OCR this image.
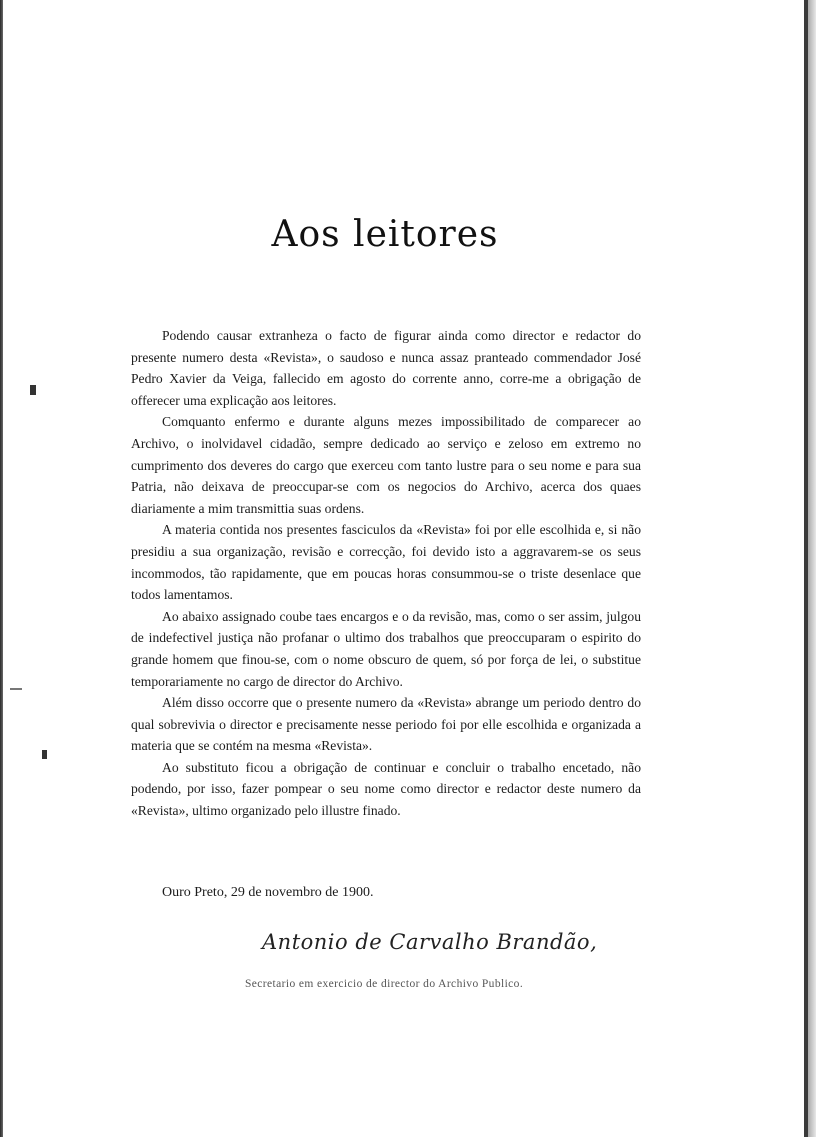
Aos leitores

Podendo causar extranheza o facto de figurar ainda como director e redactor do presente numero desta «Revista», o saudoso e nunca assaz pranteado commendador José Pedro Xavier da Veiga, fallecido em agosto do corrente anno, corre-me a obrigação de offerecer uma explicação aos leitores.

Comquanto enfermo e durante alguns mezes impossibilitado de comparecer ao Archivo, o inolvidavel cidadão, sempre dedicado ao serviço e zeloso em extremo no cumprimento dos deveres do cargo que exerceu com tanto lustre para o seu nome e para sua Patria, não deixava de preoccupar-se com os negocios do Archivo, acerca dos quaes diariamente a mim transmittia suas ordens.

A materia contida nos presentes fasciculos da «Revista» foi por elle escolhida e, si não presidiu a sua organização, revisão e correcção, foi devido isto a aggravarem-se os seus incommodos, tão rapidamente, que em poucas horas consummou-se o triste desenlace que todos lamentamos.

Ao abaixo assignado coube taes encargos e o da revisão, mas, como o ser assim, julgou de indefectivel justiça não profanar o ultimo dos trabalhos que preoccuparam o espirito do grande homem que finou-se, com o nome obscuro de quem, só por força de lei, o substitue temporariamente no cargo de director do Archivo.

Além disso occorre que o presente numero da «Revista» abrange um periodo dentro do qual sobrevivia o director e precisamente nesse periodo foi por elle escolhida e organizada a materia que se contém na mesma «Revista».

Ao substituto ficou a obrigação de continuar e concluir o trabalho encetado, não podendo, por isso, fazer pompear o seu nome como director e redactor deste numero da «Revista», ultimo organizado pelo illustre finado.

Ouro Preto, 29 de novembro de 1900.
Antonio de Carvalho Brandão,
Secretario em exercicio de director do Archivo Publico.
